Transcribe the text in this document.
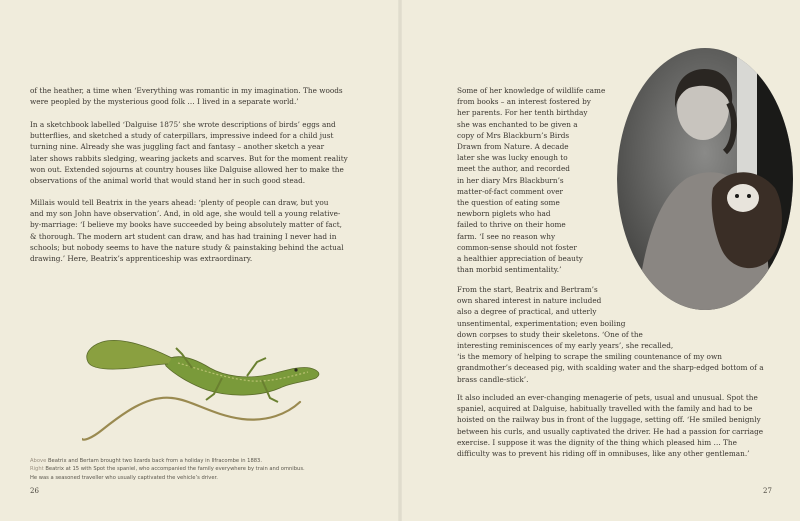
of the heather, a time when ‘Everything was romantic in my imagination. The woods
were peopled by the mysterious good folk … I lived in a separate world.’
In a sketchbook labelled ‘Dalguise 1875’ she wrote descriptions of birds’ eggs and
butterflies, and sketched a study of caterpillars, impressive indeed for a child just
turning nine. Already she was juggling fact and fantasy – another sketch a year
later shows rabbits sledging, wearing jackets and scarves. But for the moment reality
won out. Extended sojourns at country houses like Dalguise allowed her to make the
observations of the animal world that would stand her in such good stead.
Millais would tell Beatrix in the years ahead: ‘plenty of people can draw, but you
and my son John have observation’. And, in old age, she would tell a young relative-
by-marriage: ‘I believe my books have succeeded by being absolutely matter of fact,
& thorough. The modern art student can draw, and has had training I never had in
schools; but nobody seems to have the nature study & painstaking behind the actual
drawing.’ Here, Beatrix’s apprenticeship was extraordinary.
Above Beatrix and Bertam brought two lizards back from a holiday in Ilfracombe in 1883.
Right Beatrix at 15 with Spot the spaniel, who accompanied the family everywhere by train and omnibus.
He was a seasoned traveller who usually captivated the vehicle’s driver.
26
Some of her knowledge of wildlife came
from books – an interest fostered by
her parents. For her tenth birthday
she was enchanted to be given a
copy of Mrs Blackburn’s Birds
Drawn from Nature. A decade
later she was lucky enough to
meet the author, and recorded
in her diary Mrs Blackburn’s
matter-of-fact comment over
the question of eating some
newborn piglets who had
failed to thrive on their home
farm. ‘I see no reason why
common-sense should not foster
a healthier appreciation of beauty
than morbid sentimentality.’
From the start, Beatrix and Bertram’s
own shared interest in nature included
also a degree of practical, and utterly
unsentimental, experimentation; even boiling
down corpses to study their skeletons. ‘One of the
interesting reminiscences of my early years’, she recalled,
‘is the memory of helping to scrape the smiling countenance of my own
grandmother’s deceased pig, with scalding water and the sharp-edged bottom of a
brass candle-stick’.
It also included an ever-changing menagerie of pets, usual and unusual. Spot the
spaniel, acquired at Dalguise, habitually travelled with the family and had to be
hoisted on the railway bus in front of the luggage, setting off. ‘He smiled benignly
between his curls, and usually captivated the driver. He had a passion for carriage
exercise. I suppose it was the dignity of the thing which pleased him … The
difficulty was to prevent his riding off in omnibuses, like any other gentleman.’
27
